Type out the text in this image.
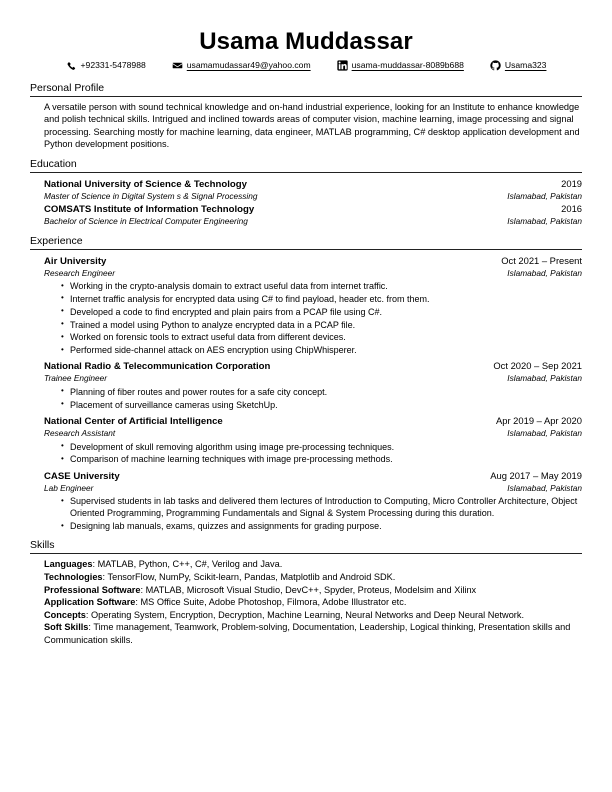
Usama Muddassar
+92331-5478988	usamamudassar49@yahoo.com	usama-muddassar-8089b688	Usama323
Personal Profile
A versatile person with sound technical knowledge and on-hand industrial experience, looking for an Institute to enhance knowledge and polish technical skills. Intrigued and inclined towards areas of computer vision, machine learning, image processing and signal processing. Searching mostly for machine learning, data engineer, MATLAB programming, C# desktop application development and Python development positions.
Education
National University of Science & Technology	2019
Master of Science in Digital System s & Signal Processing	Islamabad, Pakistan
COMSATS Institute of Information Technology	2016
Bachelor of Science in Electrical Computer Engineering	Islamabad, Pakistan
Experience
Air University	Oct 2021 – Present
Research Engineer	Islamabad, Pakistan
• Working in the crypto-analysis domain to extract useful data from internet traffic.
• Internet traffic analysis for encrypted data using C# to find payload, header etc. from them.
• Developed a code to find encrypted and plain pairs from a PCAP file using C#.
• Trained a model using Python to analyze encrypted data in a PCAP file.
• Worked on forensic tools to extract useful data from different devices.
• Performed side-channel attack on AES encryption using ChipWhisperer.
National Radio & Telecommunication Corporation	Oct 2020 – Sep 2021
Trainee Engineer	Islamabad, Pakistan
• Planning of fiber routes and power routes for a safe city concept.
• Placement of surveillance cameras using SketchUp.
National Center of Artificial Intelligence	Apr 2019 – Apr 2020
Research Assistant	Islamabad, Pakistan
• Development of skull removing algorithm using image pre-processing techniques.
• Comparison of machine learning techniques with image pre-processing methods.
CASE University	Aug 2017 – May 2019
Lab Engineer	Islamabad, Pakistan
• Supervised students in lab tasks and delivered them lectures of Introduction to Computing, Micro Controller Architecture, Object Oriented Programming, Programming Fundamentals and Signal & System Processing during this duration.
• Designing lab manuals, exams, quizzes and assignments for grading purpose.
Skills
Languages: MATLAB, Python, C++, C#, Verilog and Java.
Technologies: TensorFlow, NumPy, Scikit-learn, Pandas, Matplotlib and Android SDK.
Professional Software: MATLAB, Microsoft Visual Studio, DevC++, Spyder, Proteus, Modelsim and Xilinx
Application Software: MS Office Suite, Adobe Photoshop, Filmora, Adobe Illustrator etc.
Concepts: Operating System, Encryption, Decryption, Machine Learning, Neural Networks and Deep Neural Network.
Soft Skills: Time management, Teamwork, Problem-solving, Documentation, Leadership, Logical thinking, Presentation skills and Communication skills.
